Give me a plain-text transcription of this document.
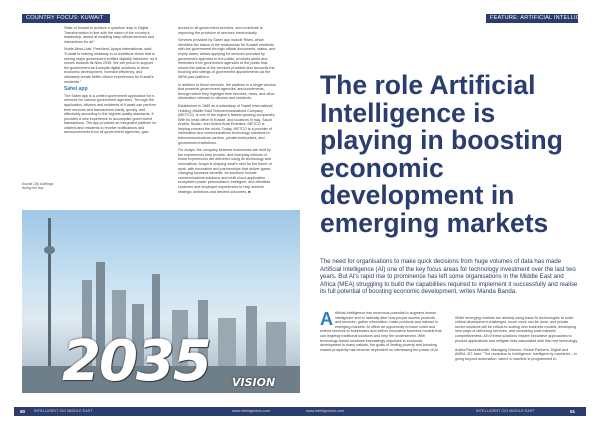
COUNTRY FOCUS: KUWAIT	FEATURE: ARTIFICIAL INTELLIGENCE

State of Kuwait to achieve a quantum leap in Digital Transformation in line with the vision of the country's leadership, aimed at enabling easy official services and interactions for all."

Noble Abou-Ltaif, President, Ayaya International, said: "Kuwait is making headway in ai ambitious vision that is seeing major government entities digitally transform, so it moves towards its New 2035. We are proud to support the government as it adopts digital solutions to drive economic development, increase efficiency, and ultimately create better citizen experiences for Kuwait's residents."

Sahel app

The Sahel app is a unified government application for e-services for various government agencies. Through the application, citizens and residents of Kuwait can perform their services and transactions easily, quickly, and effectively according to the highest quality standards. It provides a new experience to accomplish government transactions. The app provides an integrated platform for citizens and residents to receive notifications and announcements from all government agencies, gain

access to all government services, and contribute to improving the provision of services electronically.

Services provided by Sahel app include Rises, which identifies the status of the relationship for Kuwaiti residents with the government through official documents, status, and expiry dates; allows applying for services provided by government agencies to the public, provides alerts and reminders from government agencies to the public that shows the status of the services provided and accounts the booking and sittings of government appointments via the MEW-pad platform.

In addition to these services, the platform is a single window that presents government agencies' announcements, through which they highlight their services, news, and other information relevant to citizens and residents.

Established in 1989 as a subsidiary of Towell International Holding, Middle East Telecommunications Company (METCO), is one of the region's fastest growing companies. With its head office in Kuwait, and locations in Iraq, Saudi Arabia, Sudan, and United Arab Emirates, METCO is helping connect the world. Today, METCO is a provider of information and communications technology solutions to telecommunications carriers, private enterprises, and government institutions.

For Avaya, the company believes businesses are built by the experiences they provide, and everyday millions of those experiences are delivered using its technology and innovations. Avaya is shaping what's next for the future of work, with innovation and partnerships that deliver game-changing business benefits. Its solutions include communications solutions and multi-cloud application ecosystem power personalised, intelligent, and effortless customer and employee experiences to help achieve strategic ambitions and desired outcomes. ■

Kuwait City buildings during the day
2035 VISION
The role Artificial Intelligence is playing in boosting economic development in emerging markets
The need for organisations to make quick decisions from huge volumes of data has made Artificial Intelligence (AI) one of the key focus areas for technology investment over the last two years. But AI's rapid rise to prominence has left some organisations in the Middle East and Africa (MEA) struggling to build the capabilities required to implement it successfully and realise its full potential of boosting economic development, writes Manda Banda.
A rtificial Intelligence has enormous potential to augment human intelligence and to radically alter how people access products and services, gather information, make products and interact in emerging markets. AI offers an opportunity to lower costs and extend services to businesses and deliver innovative business models that can leapfrog traditional solutions and help the underserved. With technology-based solutions increasingly important to economic development in many nations, the goals of limiting poverty and boosting shared prosperity has become dependent on harnessing the power of AI.

While emerging markets are already using basic AI technologies to solve critical development challenges, much more can be done, and private sector solutions will be critical to scaling new business models, developing new ways of delivering services, and increasing local markets' competitiveness. All of these solutions require innovative approaches to product applications and mitigate risks associated with this new technology.

Ankita Raveshkarath, Managing Director, Global Partners, Digital and AMEA, BT, said: "The revolution in Intelligence. intelligent by machines – in going beyond automation, where a machine is programmed to

50 INTELLIGENT CIO MIDDLE EAST	www.intelligentcio.com	www.intelligentcio.com	INTELLIGENT CIO MIDDLE EAST	51
